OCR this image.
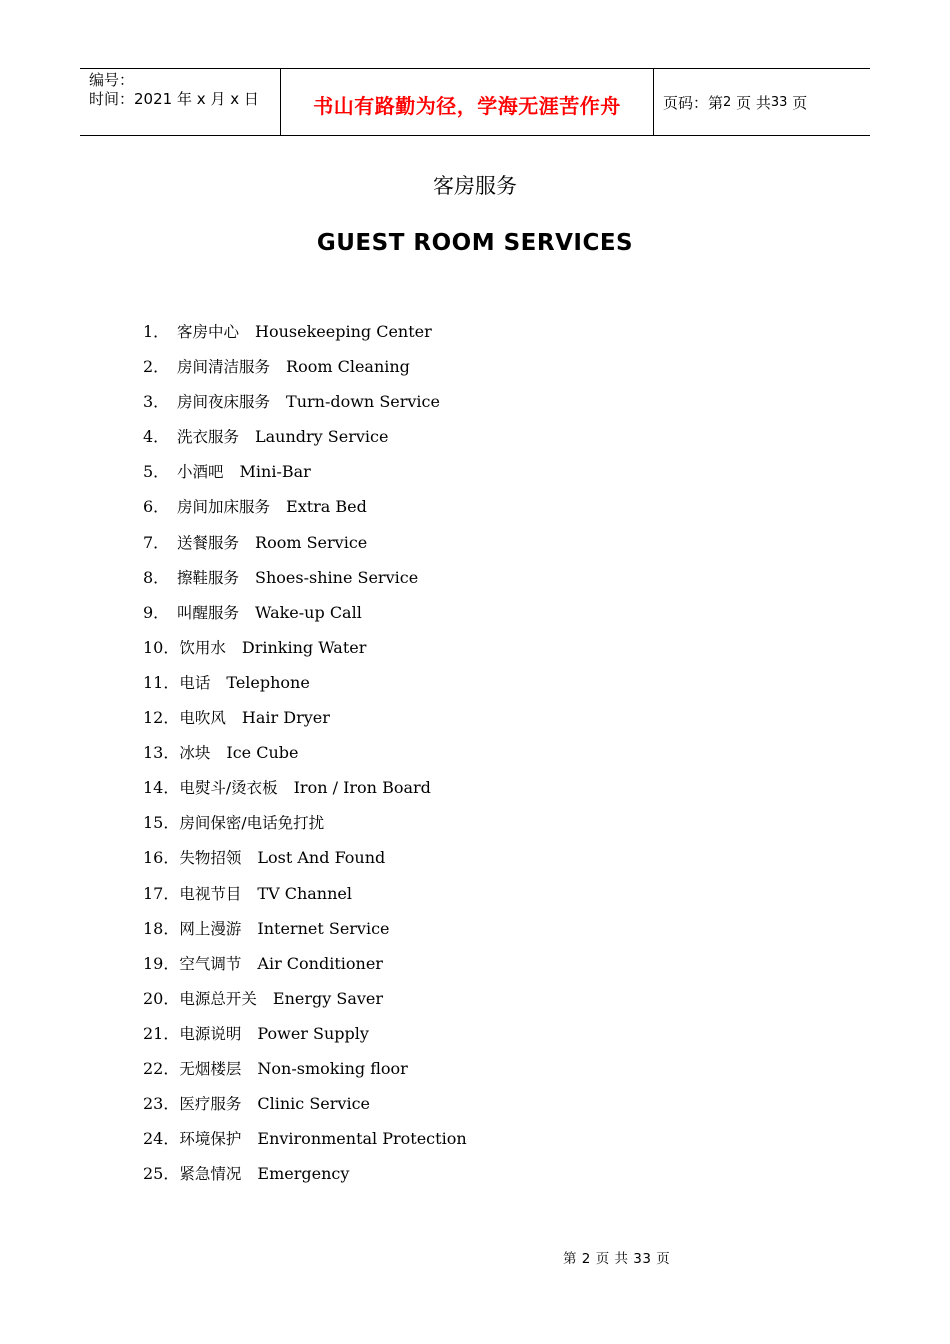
编号：
时间：2021 年 x 月 x 日	书山有路勤为径，学海无涯苦作舟	页码：第 2
页 共 33
页
客房服务
GUEST ROOM SERVICES
1． 客房中心 Housekeeping Center
2． 房间清洁服务 Room Cleaning
3． 房间夜床服务 Turn-down Service
4． 洗衣服务 Laundry Service
5． 小酒吧 Mini-Bar
6． 房间加床服务 Extra Bed
7． 送餐服务 Room Service
8． 擦鞋服务 Shoes-shine Service
9． 叫醒服务 Wake-up Call
10．饮用水 Drinking Water
11．电话 Telephone
12．电吹风 Hair Dryer
13．冰块 Ice Cube
14．电熨斗/烫衣板 Iron / Iron Board
15．房间保密/电话免打扰
16．失物招领 Lost And Found
17．电视节目 TV Channel
18．网上漫游 Internet Service
19．空气调节 Air Conditioner
20．电源总开关 Energy Saver
21．电源说明 Power Supply
22．无烟楼层 Non-smoking floor
23．医疗服务 Clinic Service
24．环境保护 Environmental Protection
25．紧急情况 Emergency
第 2 页 共 33 页
